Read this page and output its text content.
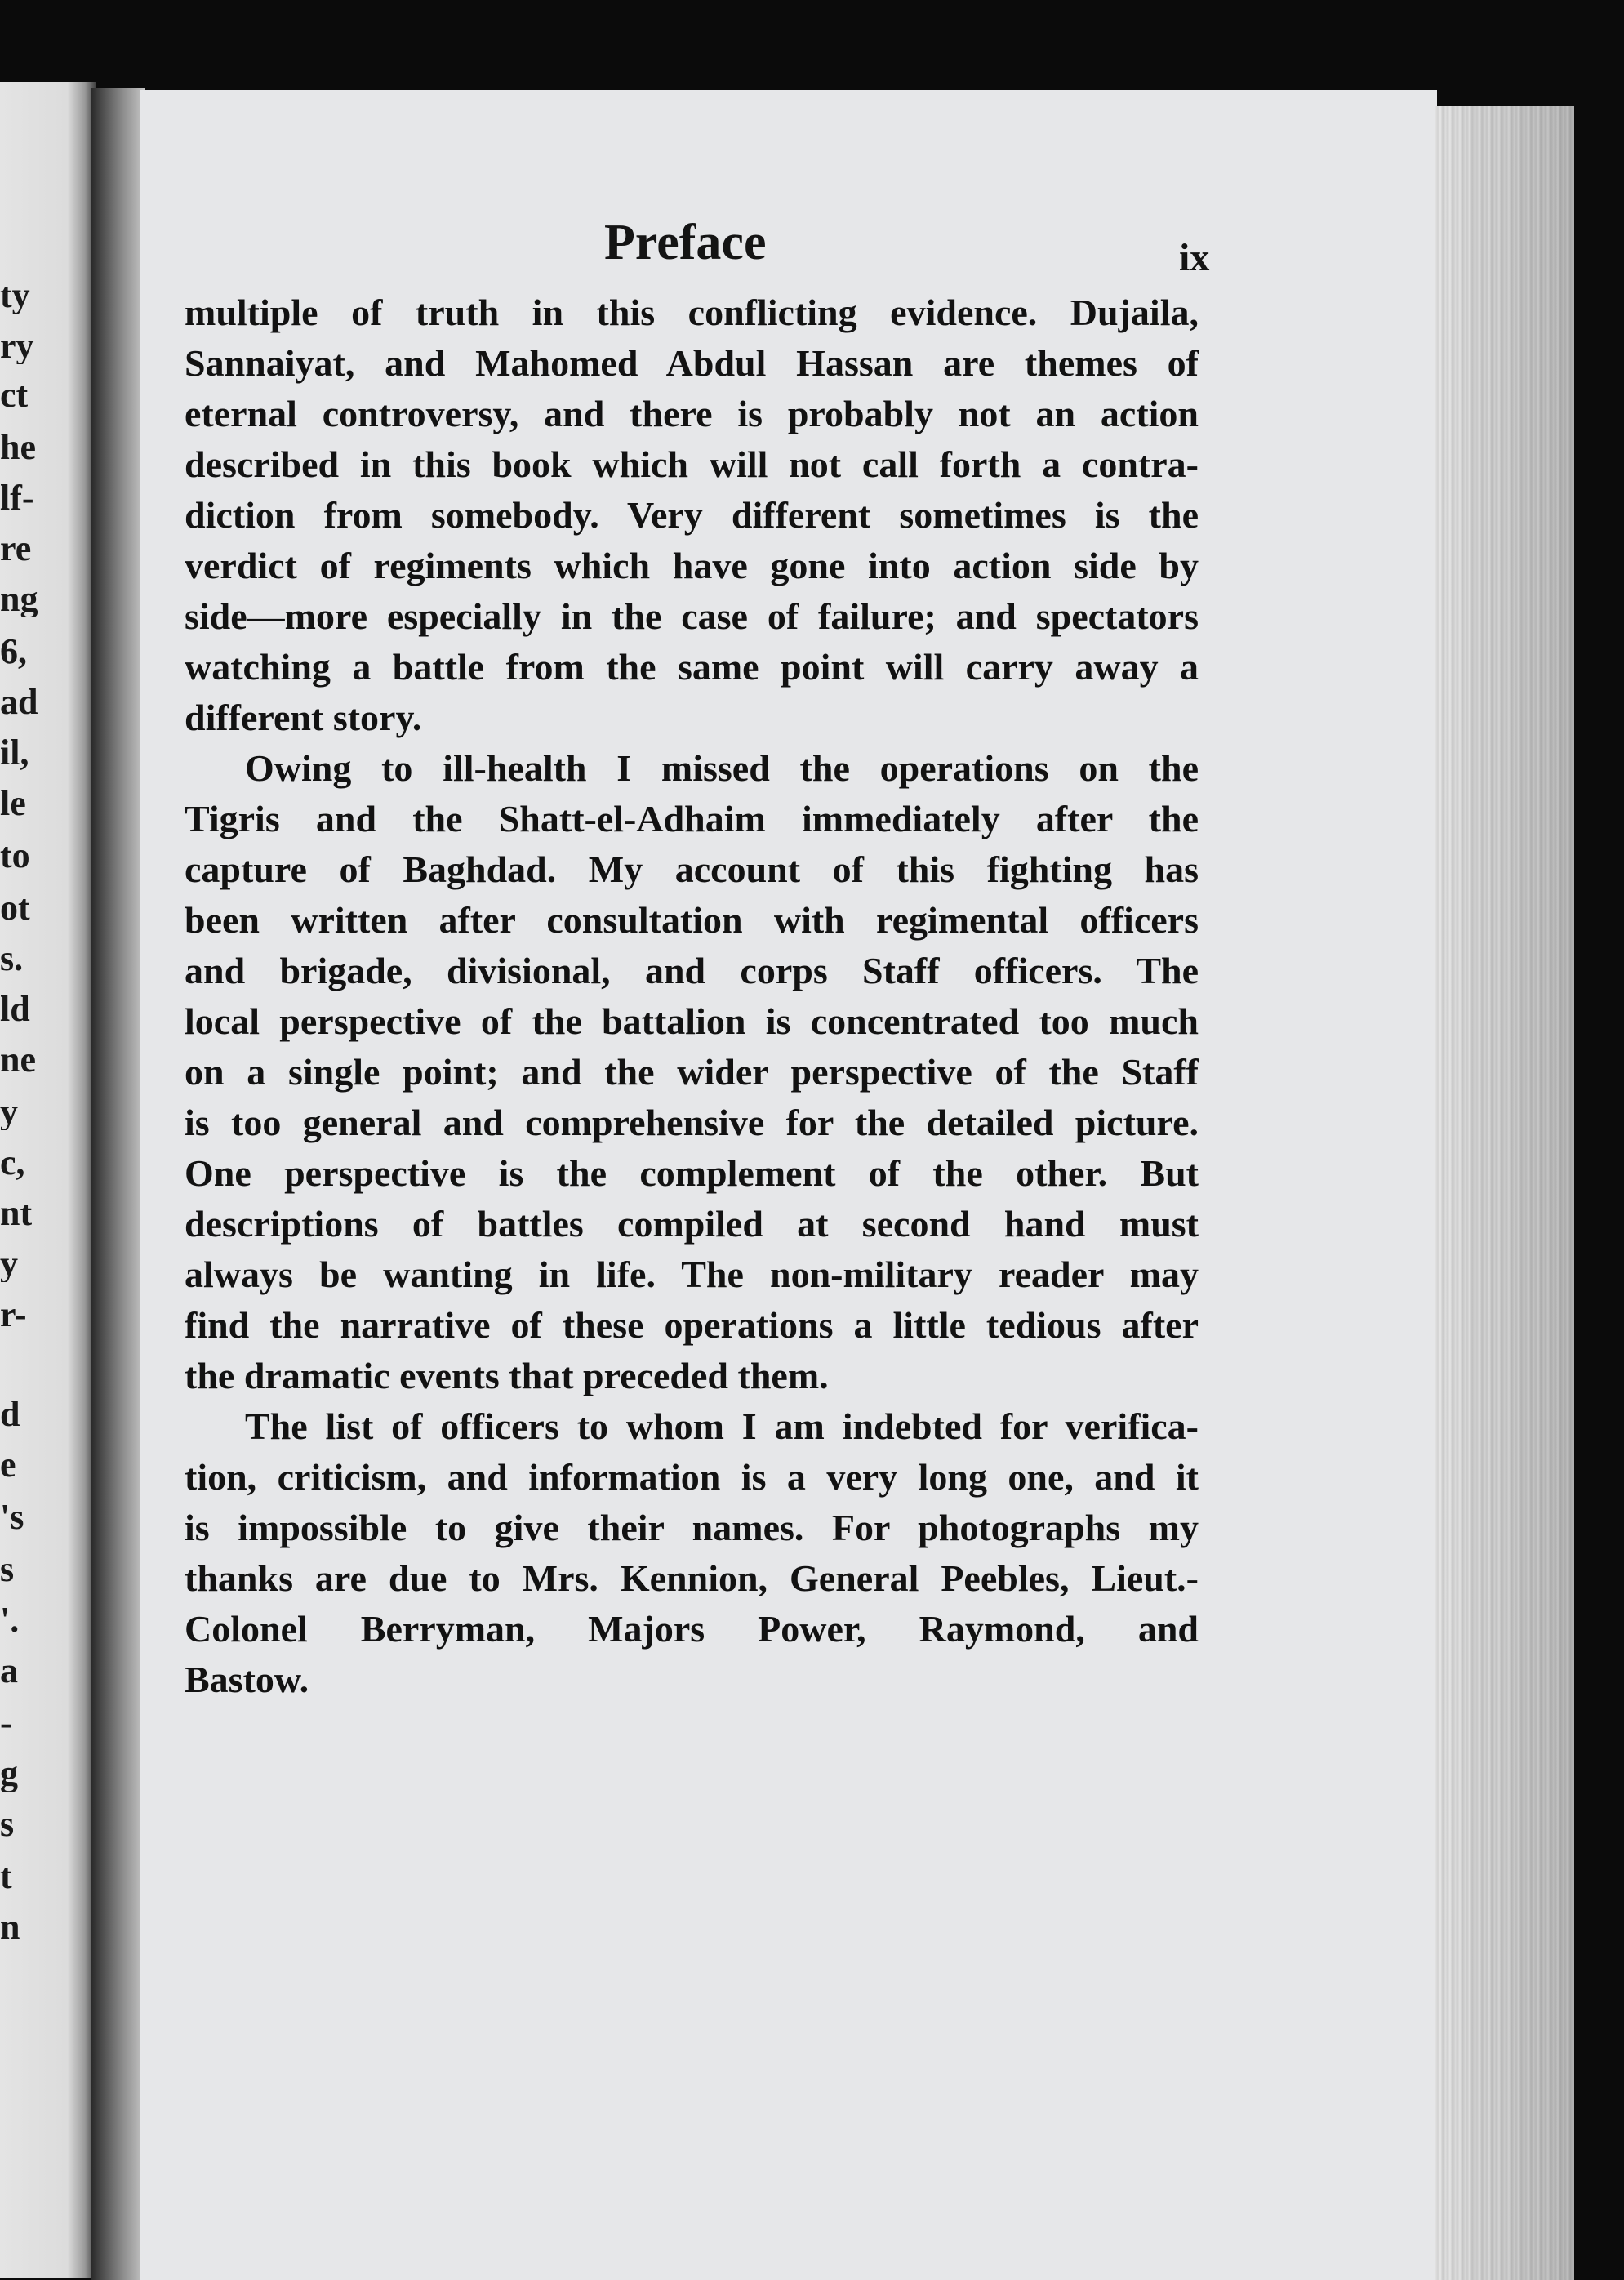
Preface	ix

multiple of truth in this conflicting evidence. Dujaila,
Sannaiyat, and Mahomed Abdul Hassan are themes of
eternal controversy, and there is probably not an action
described in this book which will not call forth a contra-
diction from somebody. Very different sometimes is the
verdict of regiments which have gone into action side by
side—more especially in the case of failure; and spectators
watching a battle from the same point will carry away a
different story.

Owing to ill-health I missed the operations on the
Tigris and the Shatt-el-Adhaim immediately after the
capture of Baghdad. My account of this fighting has
been written after consultation with regimental officers
and brigade, divisional, and corps Staff officers. The
local perspective of the battalion is concentrated too much
on a single point; and the wider perspective of the Staff
is too general and comprehensive for the detailed picture.
One perspective is the complement of the other. But
descriptions of battles compiled at second hand must
always be wanting in life. The non-military reader may
find the narrative of these operations a little tedious after
the dramatic events that preceded them.

The list of officers to whom I am indebted for verifica-
tion, criticism, and information is a very long one, and it
is impossible to give their names. For photographs my
thanks are due to Mrs. Kennion, General Peebles, Lieut.-
Colonel Berryman, Majors Power, Raymond, and
Bastow.

ty
ry
ct
he
lf-
re
ng
6,
ad
il,
le
to
ot
s.
ld
ne
y
c,
nt
y
r-
d
e
's
s
'.
a
-
g
s
t
n
